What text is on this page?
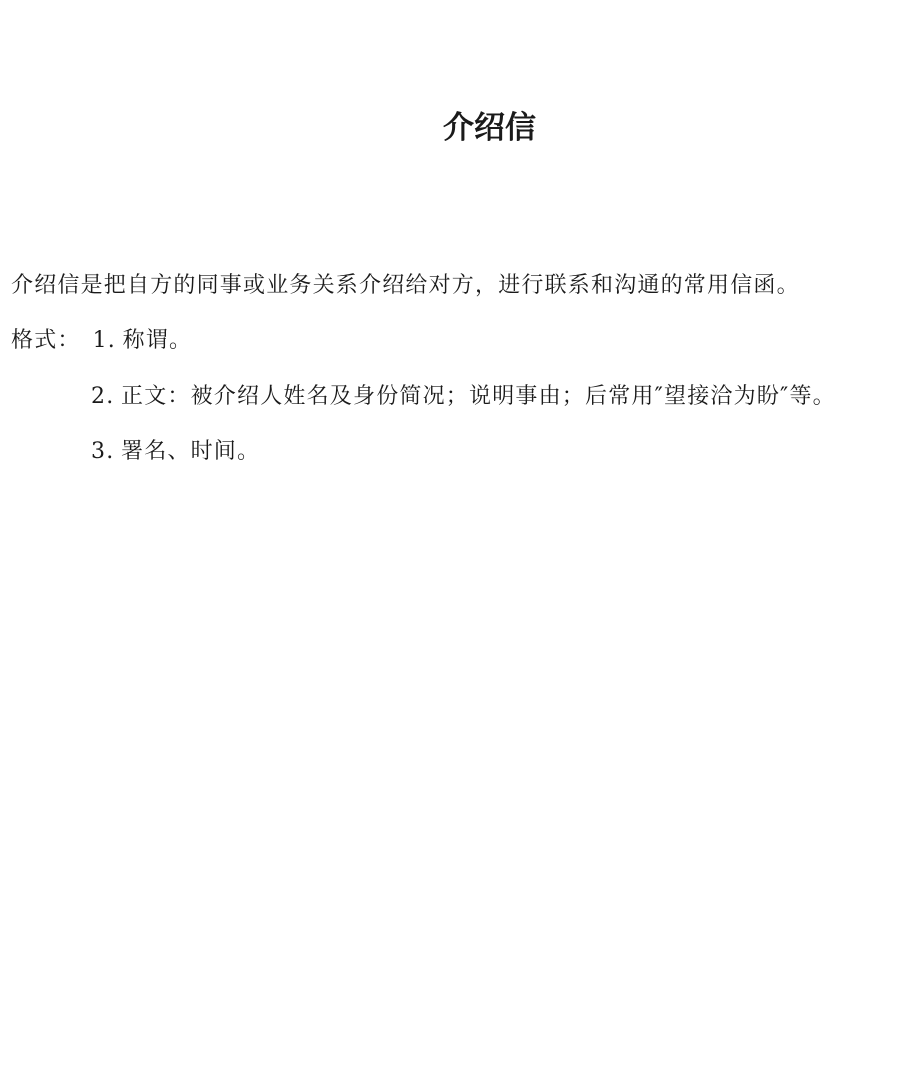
介绍信
介绍信是把自方的同事或业务关系介绍给对方，进行联系和沟通的常用信函。
格式： 1. 称谓。
2. 正文：被介绍人姓名及身份简况；说明事由；后常用″望接洽为盼″等。
3. 署名、时间。
